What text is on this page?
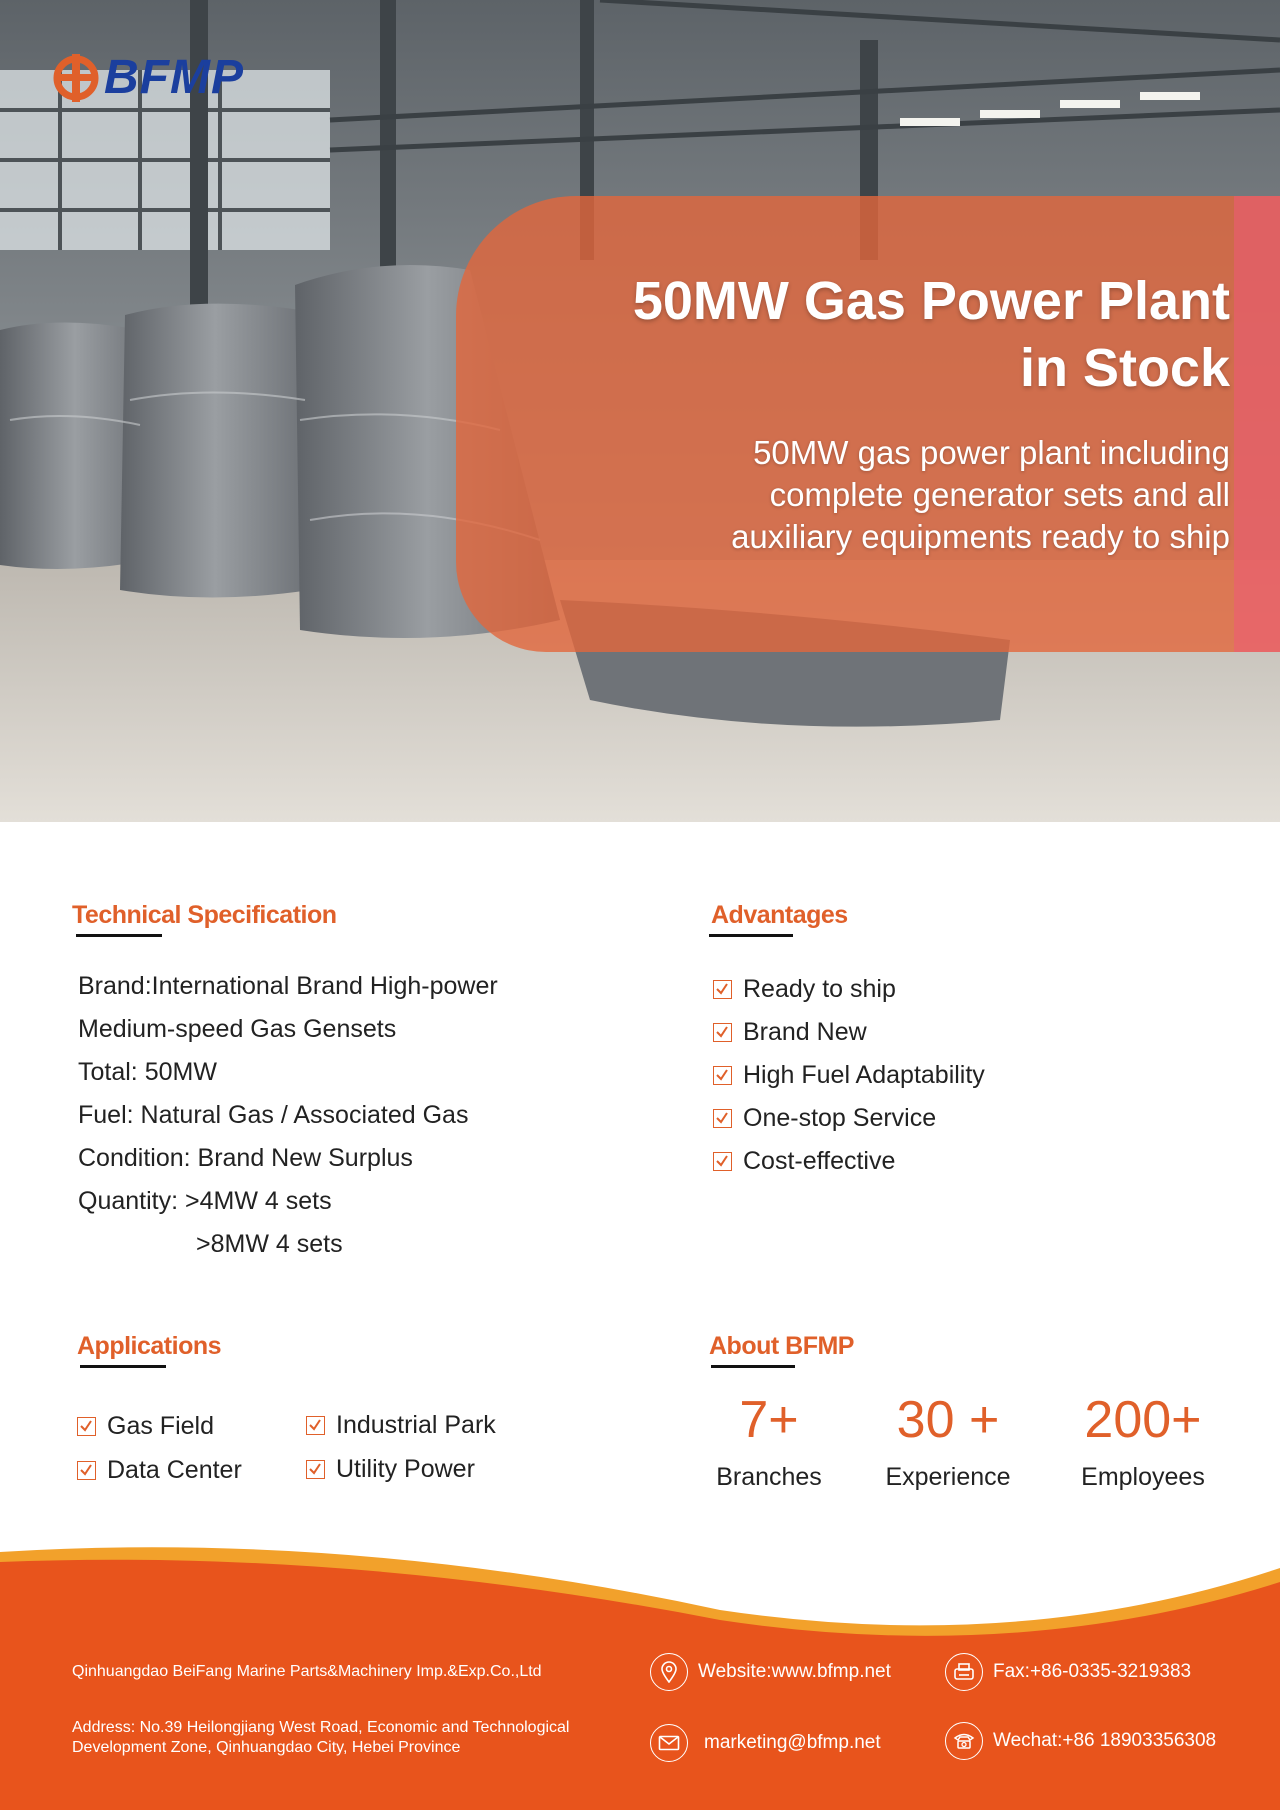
BFMP
50MW Gas Power Plant
in Stock

50MW gas power plant including
complete generator sets and all
auxiliary equipments ready to ship

Technical Specification
Brand:International Brand High-power
Medium-speed Gas Gensets
Total: 50MW
Fuel: Natural Gas / Associated Gas
Condition: Brand New Surplus
Quantity: >4MW 4 sets
>8MW 4 sets
Advantages
Ready to ship
Brand New
High Fuel Adaptability
One-stop Service
Cost-effective
Applications
Gas Field	Industrial Park
Data Center	Utility Power
About BFMP
7+
Branches
30 +
Experience
200+
Employees
Qinhuangdao BeiFang Marine Parts&Machinery Imp.&Exp.Co.,Ltd
Address: No.39 Heilongjiang West Road, Economic and Technological
Development Zone, Qinhuangdao City, Hebei Province
Website:www.bfmp.net	Fax:+86-0335-3219383
marketing@bfmp.net	Wechat:+86 18903356308
